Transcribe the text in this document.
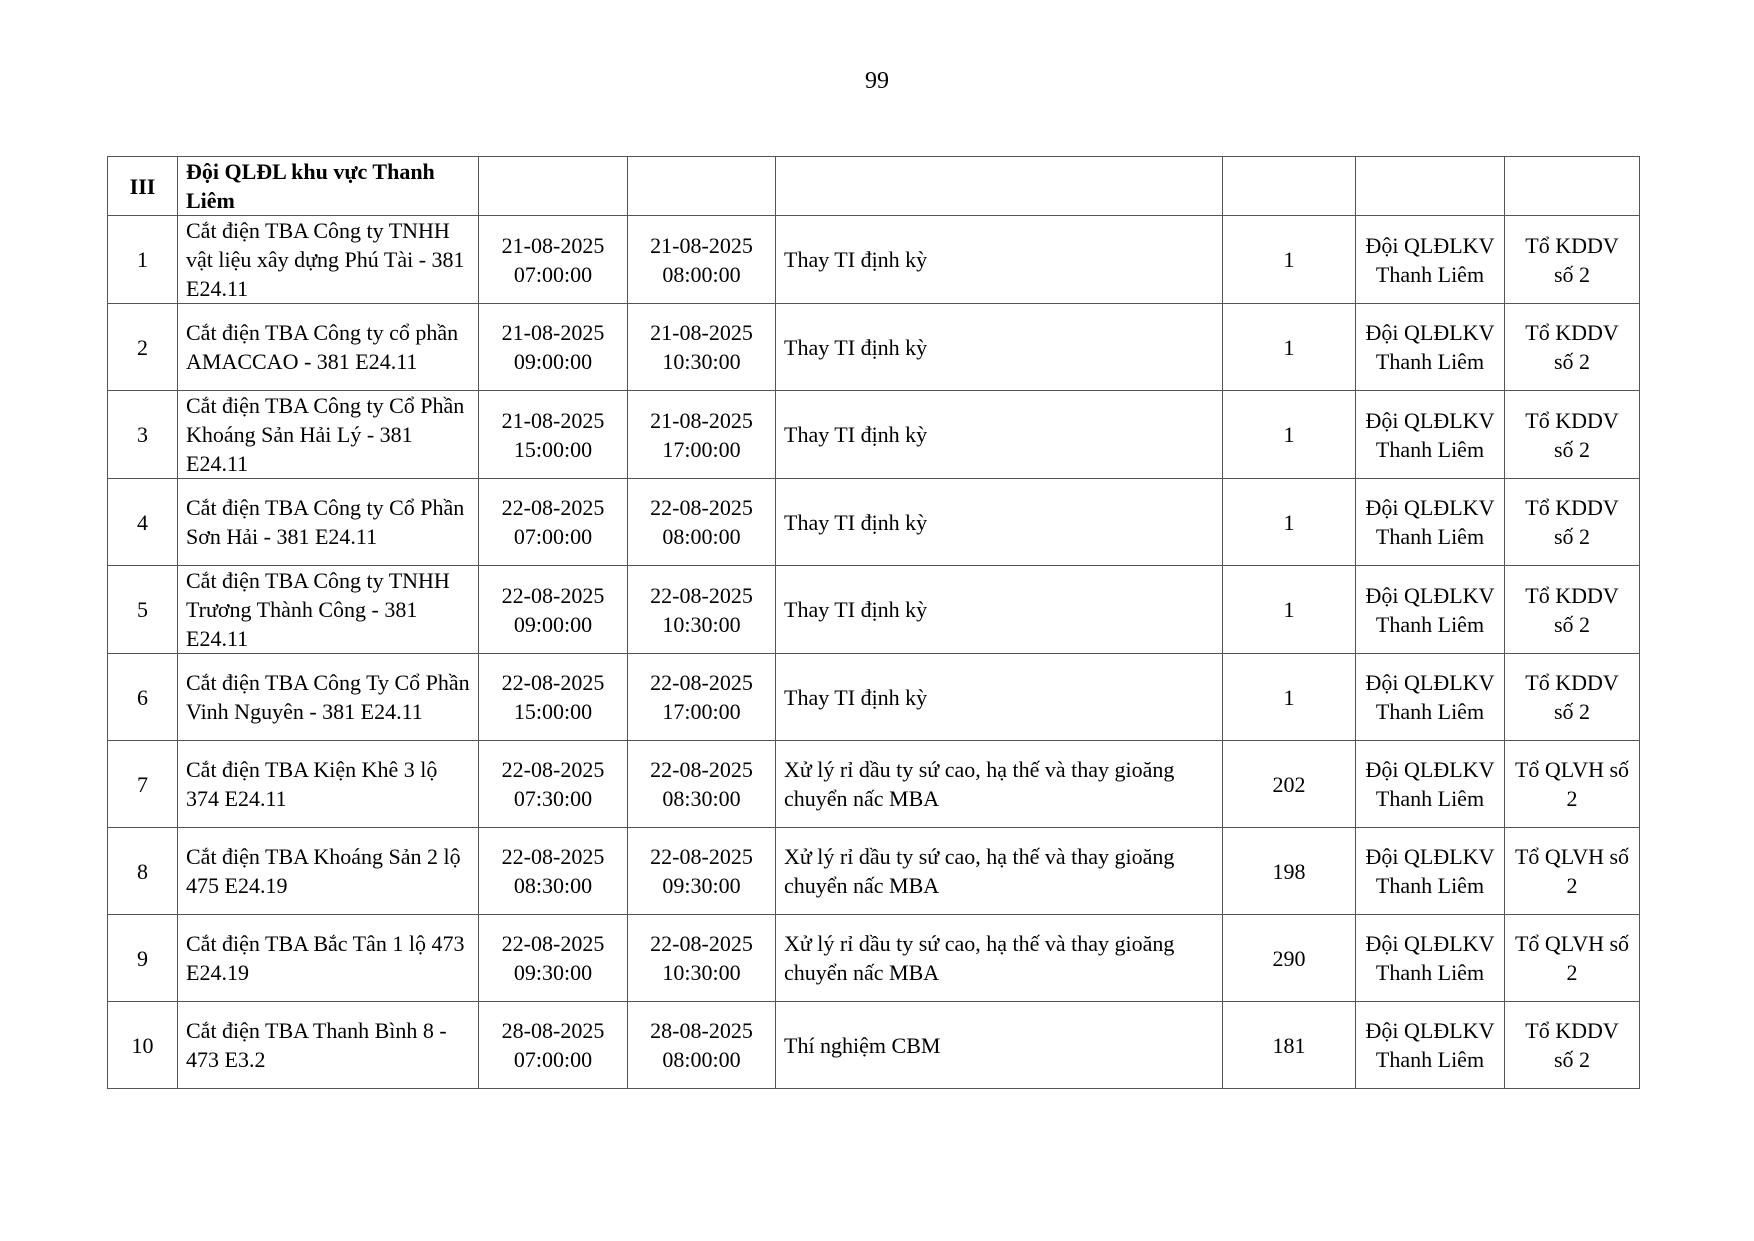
99
III	Đội QLĐL khu vực Thanh Liêm						
1	Cắt điện TBA Công ty TNHH vật liệu xây dựng Phú Tài - 381 E24.11	21-08-2025 07:00:00	21-08-2025 08:00:00	Thay TI định kỳ	1	Đội QLĐLKV Thanh Liêm	Tổ KDDV số 2
2	Cắt điện TBA Công ty cổ phần AMACCAO - 381 E24.11	21-08-2025 09:00:00	21-08-2025 10:30:00	Thay TI định kỳ	1	Đội QLĐLKV Thanh Liêm	Tổ KDDV số 2
3	Cắt điện TBA Công ty Cổ Phần Khoáng Sản Hải Lý - 381 E24.11	21-08-2025 15:00:00	21-08-2025 17:00:00	Thay TI định kỳ	1	Đội QLĐLKV Thanh Liêm	Tổ KDDV số 2
4	Cắt điện TBA Công ty Cổ Phần Sơn Hải - 381 E24.11	22-08-2025 07:00:00	22-08-2025 08:00:00	Thay TI định kỳ	1	Đội QLĐLKV Thanh Liêm	Tổ KDDV số 2
5	Cắt điện TBA Công ty TNHH Trương Thành Công - 381 E24.11	22-08-2025 09:00:00	22-08-2025 10:30:00	Thay TI định kỳ	1	Đội QLĐLKV Thanh Liêm	Tổ KDDV số 2
6	Cắt điện TBA Công Ty Cổ Phần Vinh Nguyên - 381 E24.11	22-08-2025 15:00:00	22-08-2025 17:00:00	Thay TI định kỳ	1	Đội QLĐLKV Thanh Liêm	Tổ KDDV số 2
7	Cắt điện TBA Kiện Khê 3 lộ 374 E24.11	22-08-2025 07:30:00	22-08-2025 08:30:00	Xử lý rỉ dầu ty sứ cao, hạ thế và thay gioăng chuyển nấc MBA	202	Đội QLĐLKV Thanh Liêm	Tổ QLVH số 2
8	Cắt điện TBA Khoáng Sản 2 lộ 475 E24.19	22-08-2025 08:30:00	22-08-2025 09:30:00	Xử lý rỉ dầu ty sứ cao, hạ thế và thay gioăng chuyển nấc MBA	198	Đội QLĐLKV Thanh Liêm	Tổ QLVH số 2
9	Cắt điện TBA Bắc Tân 1 lộ 473 E24.19	22-08-2025 09:30:00	22-08-2025 10:30:00	Xử lý rỉ dầu ty sứ cao, hạ thế và thay gioăng chuyển nấc MBA	290	Đội QLĐLKV Thanh Liêm	Tổ QLVH số 2
10	Cắt điện TBA Thanh Bình 8 - 473 E3.2	28-08-2025 07:00:00	28-08-2025 08:00:00	Thí nghiệm CBM	181	Đội QLĐLKV Thanh Liêm	Tổ KDDV số 2
